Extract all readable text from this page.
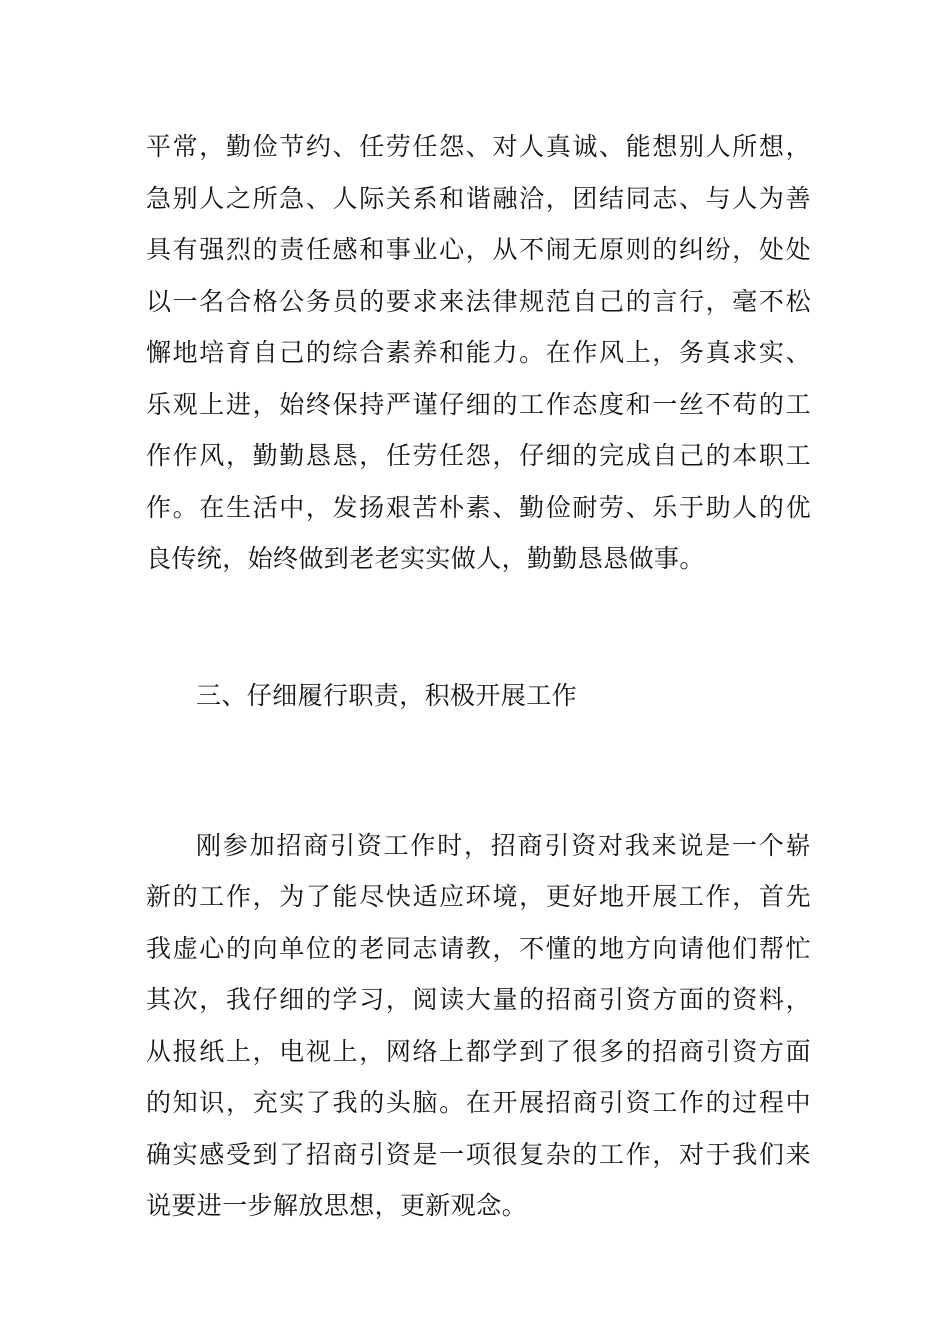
平常，勤俭节约、任劳任怨、对人真诚、能想别人所想，
急别人之所急、人际关系和谐融洽，团结同志、与人为善
具有强烈的责任感和事业心，从不闹无原则的纠纷，处处
以一名合格公务员的要求来法律规范自己的言行，毫不松
懈地培育自己的综合素养和能力。在作风上，务真求实、
乐观上进，始终保持严谨仔细的工作态度和一丝不苟的工
作作风，勤勤恳恳，任劳任怨，仔细的完成自己的本职工
作。在生活中，发扬艰苦朴素、勤俭耐劳、乐于助人的优
良传统，始终做到老老实实做人，勤勤恳恳做事。
三、仔细履行职责，积极开展工作
刚参加招商引资工作时，招商引资对我来说是一个崭
新的工作，为了能尽快适应环境，更好地开展工作，首先
我虚心的向单位的老同志请教，不懂的地方向请他们帮忙
其次，我仔细的学习，阅读大量的招商引资方面的资料，
从报纸上，电视上，网络上都学到了很多的招商引资方面
的知识，充实了我的头脑。在开展招商引资工作的过程中
确实感受到了招商引资是一项很复杂的工作，对于我们来
说要进一步解放思想，更新观念。
